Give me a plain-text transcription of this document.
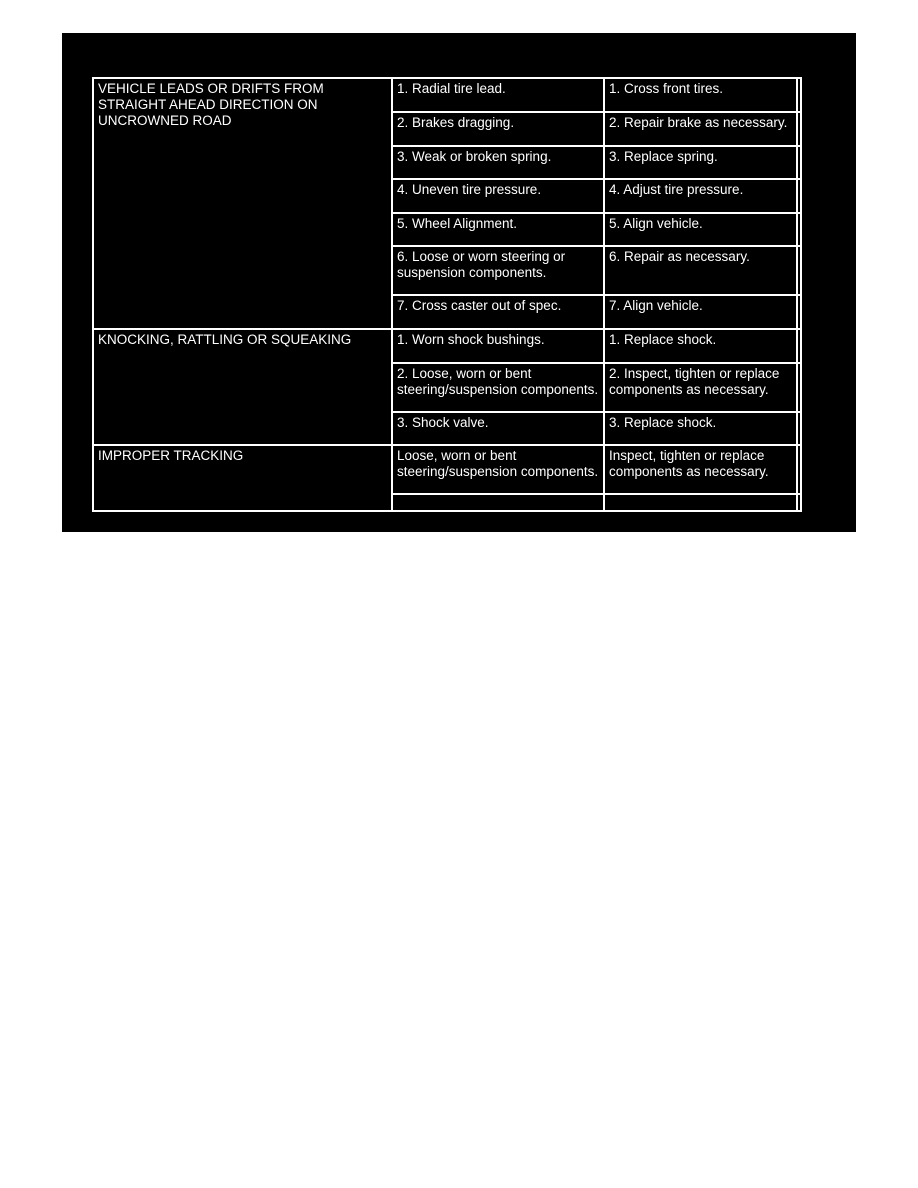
VEHICLE LEADS OR DRIFTS FROM STRAIGHT AHEAD DIRECTION ON UNCROWNED ROAD	1. Radial tire lead.	1. Cross front tires.	
	2. Brakes dragging.	2. Repair brake as necessary.	
	3. Weak or broken spring.	3. Replace spring.	
	4. Uneven tire pressure.	4. Adjust tire pressure.	
	5. Wheel Alignment.	5. Align vehicle.	
	6. Loose or worn steering or suspension components.	6. Repair as necessary.	
	7. Cross caster out of spec.	7. Align vehicle.	
KNOCKING, RATTLING OR SQUEAKING	1. Worn shock bushings.	1. Replace shock.	
	2. Loose, worn or bent steering/suspension components.	2. Inspect, tighten or replace components as necessary.	
	3. Shock valve.	3. Replace shock.	
IMPROPER TRACKING	Loose, worn or bent steering/suspension components.	Inspect, tighten or replace components as necessary.	
